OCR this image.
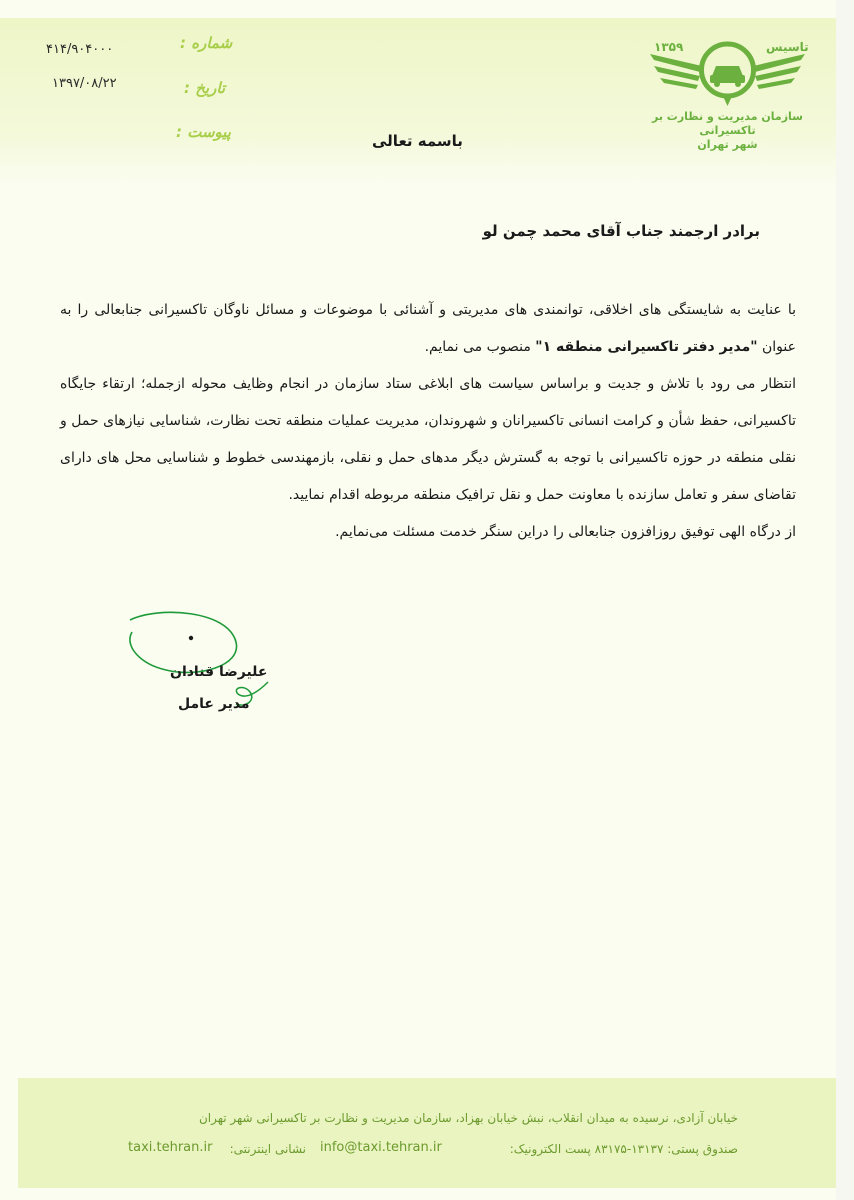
۱۳۵۹	تاسیس
سازمان مدیریت و نظارت بر تاکسیرانی
شهر تهران
شماره :
۴۱۴/۹۰۴۰۰۰
تاریخ :
۱۳۹۷/۰۸/۲۲
پیوست :	باسمه تعالی
برادر ارجمند جناب آقای محمد چمن لو

با عنایت به شایستگی های اخلاقی، توانمندی های مدیریتی و آشنائی با موضوعات و مسائل ناوگان تاکسیرانی جنابعالی را به عنوان "مدیر دفتر تاکسیرانی منطقه ۱" منصوب می نمایم.

انتظار می رود با تلاش و جدیت و براساس سیاست های ابلاغی ستاد سازمان در انجام وظایف محوله ازجمله؛ ارتقاء جایگاه تاکسیرانی، حفظ شأن و کرامت انسانی تاکسیرانان و شهروندان، مدیریت عملیات منطقه تحت نظارت، شناسایی نیازهای حمل و نقلی منطقه در حوزه تاکسیرانی با توجه به گسترش دیگر مدهای حمل و نقلی، بازمهندسی خطوط و شناسایی محل های دارای تقاضای سفر و تعامل سازنده با معاونت حمل و نقل ترافیک منطقه مربوطه اقدام نمایید.

از درگاه الهی توفیق روزافزون جنابعالی را دراین سنگر خدمت مسئلت می‌نمایم.

علیرضا قنادان
مدیر عامل
خیابان آزادی، نرسیده به میدان انقلاب، نبش خیابان بهزاد، سازمان مدیریت و نظارت بر تاکسیرانی شهر تهران
صندوق پستی: ۱۳۱۳۷-۸۳۱۷۵ پست الکترونیک:
info@taxi.tehran.ir
نشانی اینترنتی:
taxi.tehran.ir
